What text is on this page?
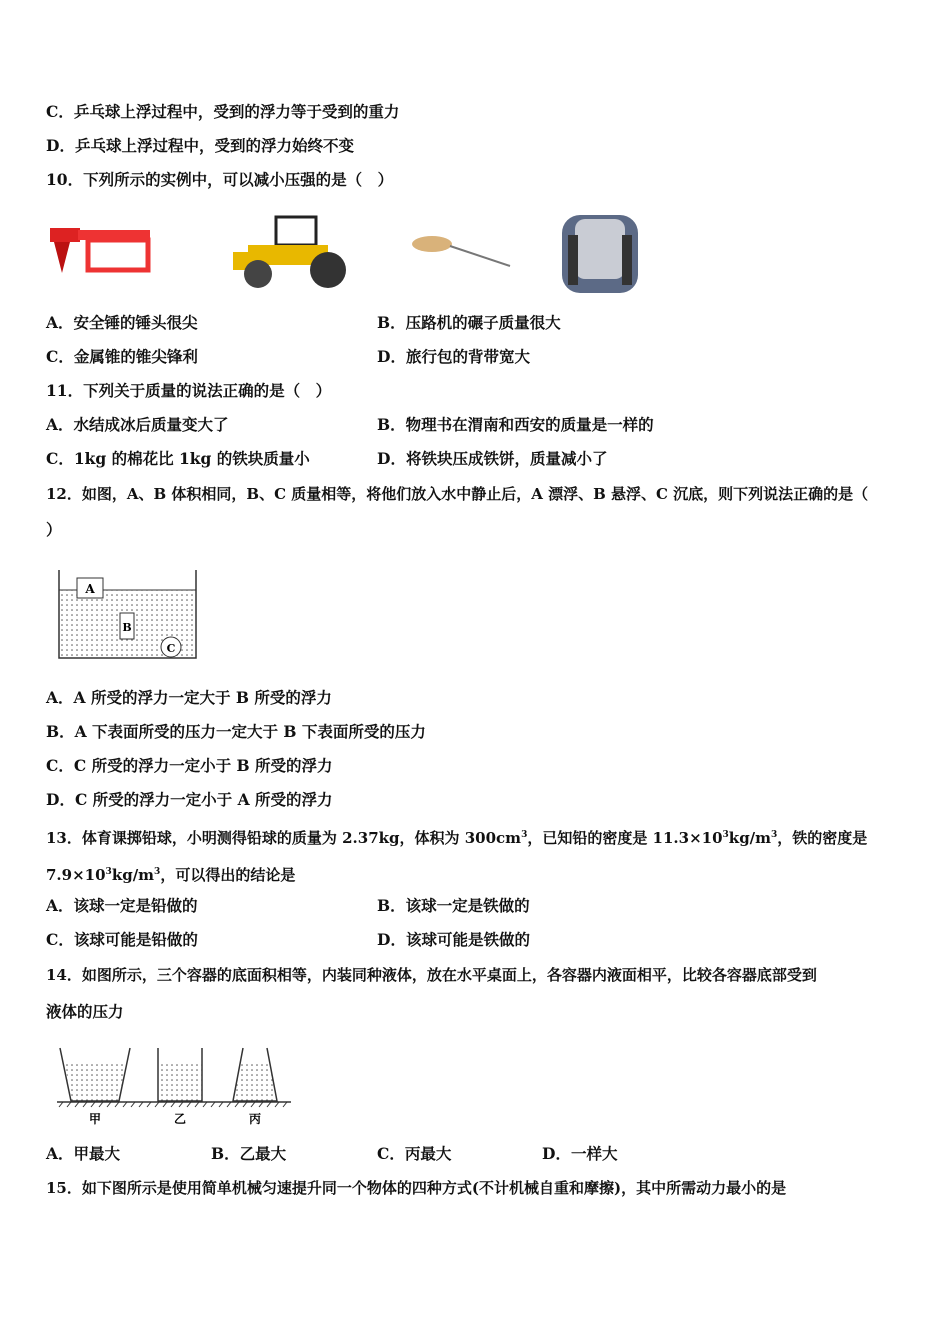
C．乒乓球上浮过程中，受到的浮力等于受到的重力
D．乒乓球上浮过程中，受到的浮力始终不变
10．下列所示的实例中，可以减小压强的是（　）
A．安全锤的锤头很尖	B．压路机的碾子质量很大
C．金属锥的锥尖锋利	D．旅行包的背带宽大
11．下列关于质量的说法正确的是（　）
A．水结成冰后质量变大了	B．物理书在渭南和西安的质量是一样的
C．1kg 的棉花比 1kg 的铁块质量小	D．将铁块压成铁饼，质量减小了
12．如图，A、B 体积相同，B、C 质量相等，将他们放入水中静止后，A 漂浮、B 悬浮、C 沉底，则下列说法正确的是（
）
A
B
C
A．A 所受的浮力一定大于 B 所受的浮力
B．A 下表面所受的压力一定大于 B 下表面所受的压力
C．C 所受的浮力一定小于 B 所受的浮力
D．C 所受的浮力一定小于 A 所受的浮力
13．体育课掷铅球，小明测得铅球的质量为 2.37kg，体积为 $300cm^3$，已知铅的密度是 $11.3\times 10^3kg/m^3$，铁的密度是
$7.9\times 10^3kg/m^3$，可以得出的结论是
A．该球一定是铅做的	B．该球一定是铁做的
C．该球可能是铅做的	D．该球可能是铁做的
14．如图所示，三个容器的底面积相等，内装同种液体，放在水平桌面上，各容器内液面相平，比较各容器底部受到
液体的压力
甲	乙	丙
A．甲最大	B．乙最大	C．丙最大	D．一样大
15．如下图所示是使用简单机械匀速提升同一个物体的四种方式(不计机械自重和摩擦)，其中所需动力最小的是
